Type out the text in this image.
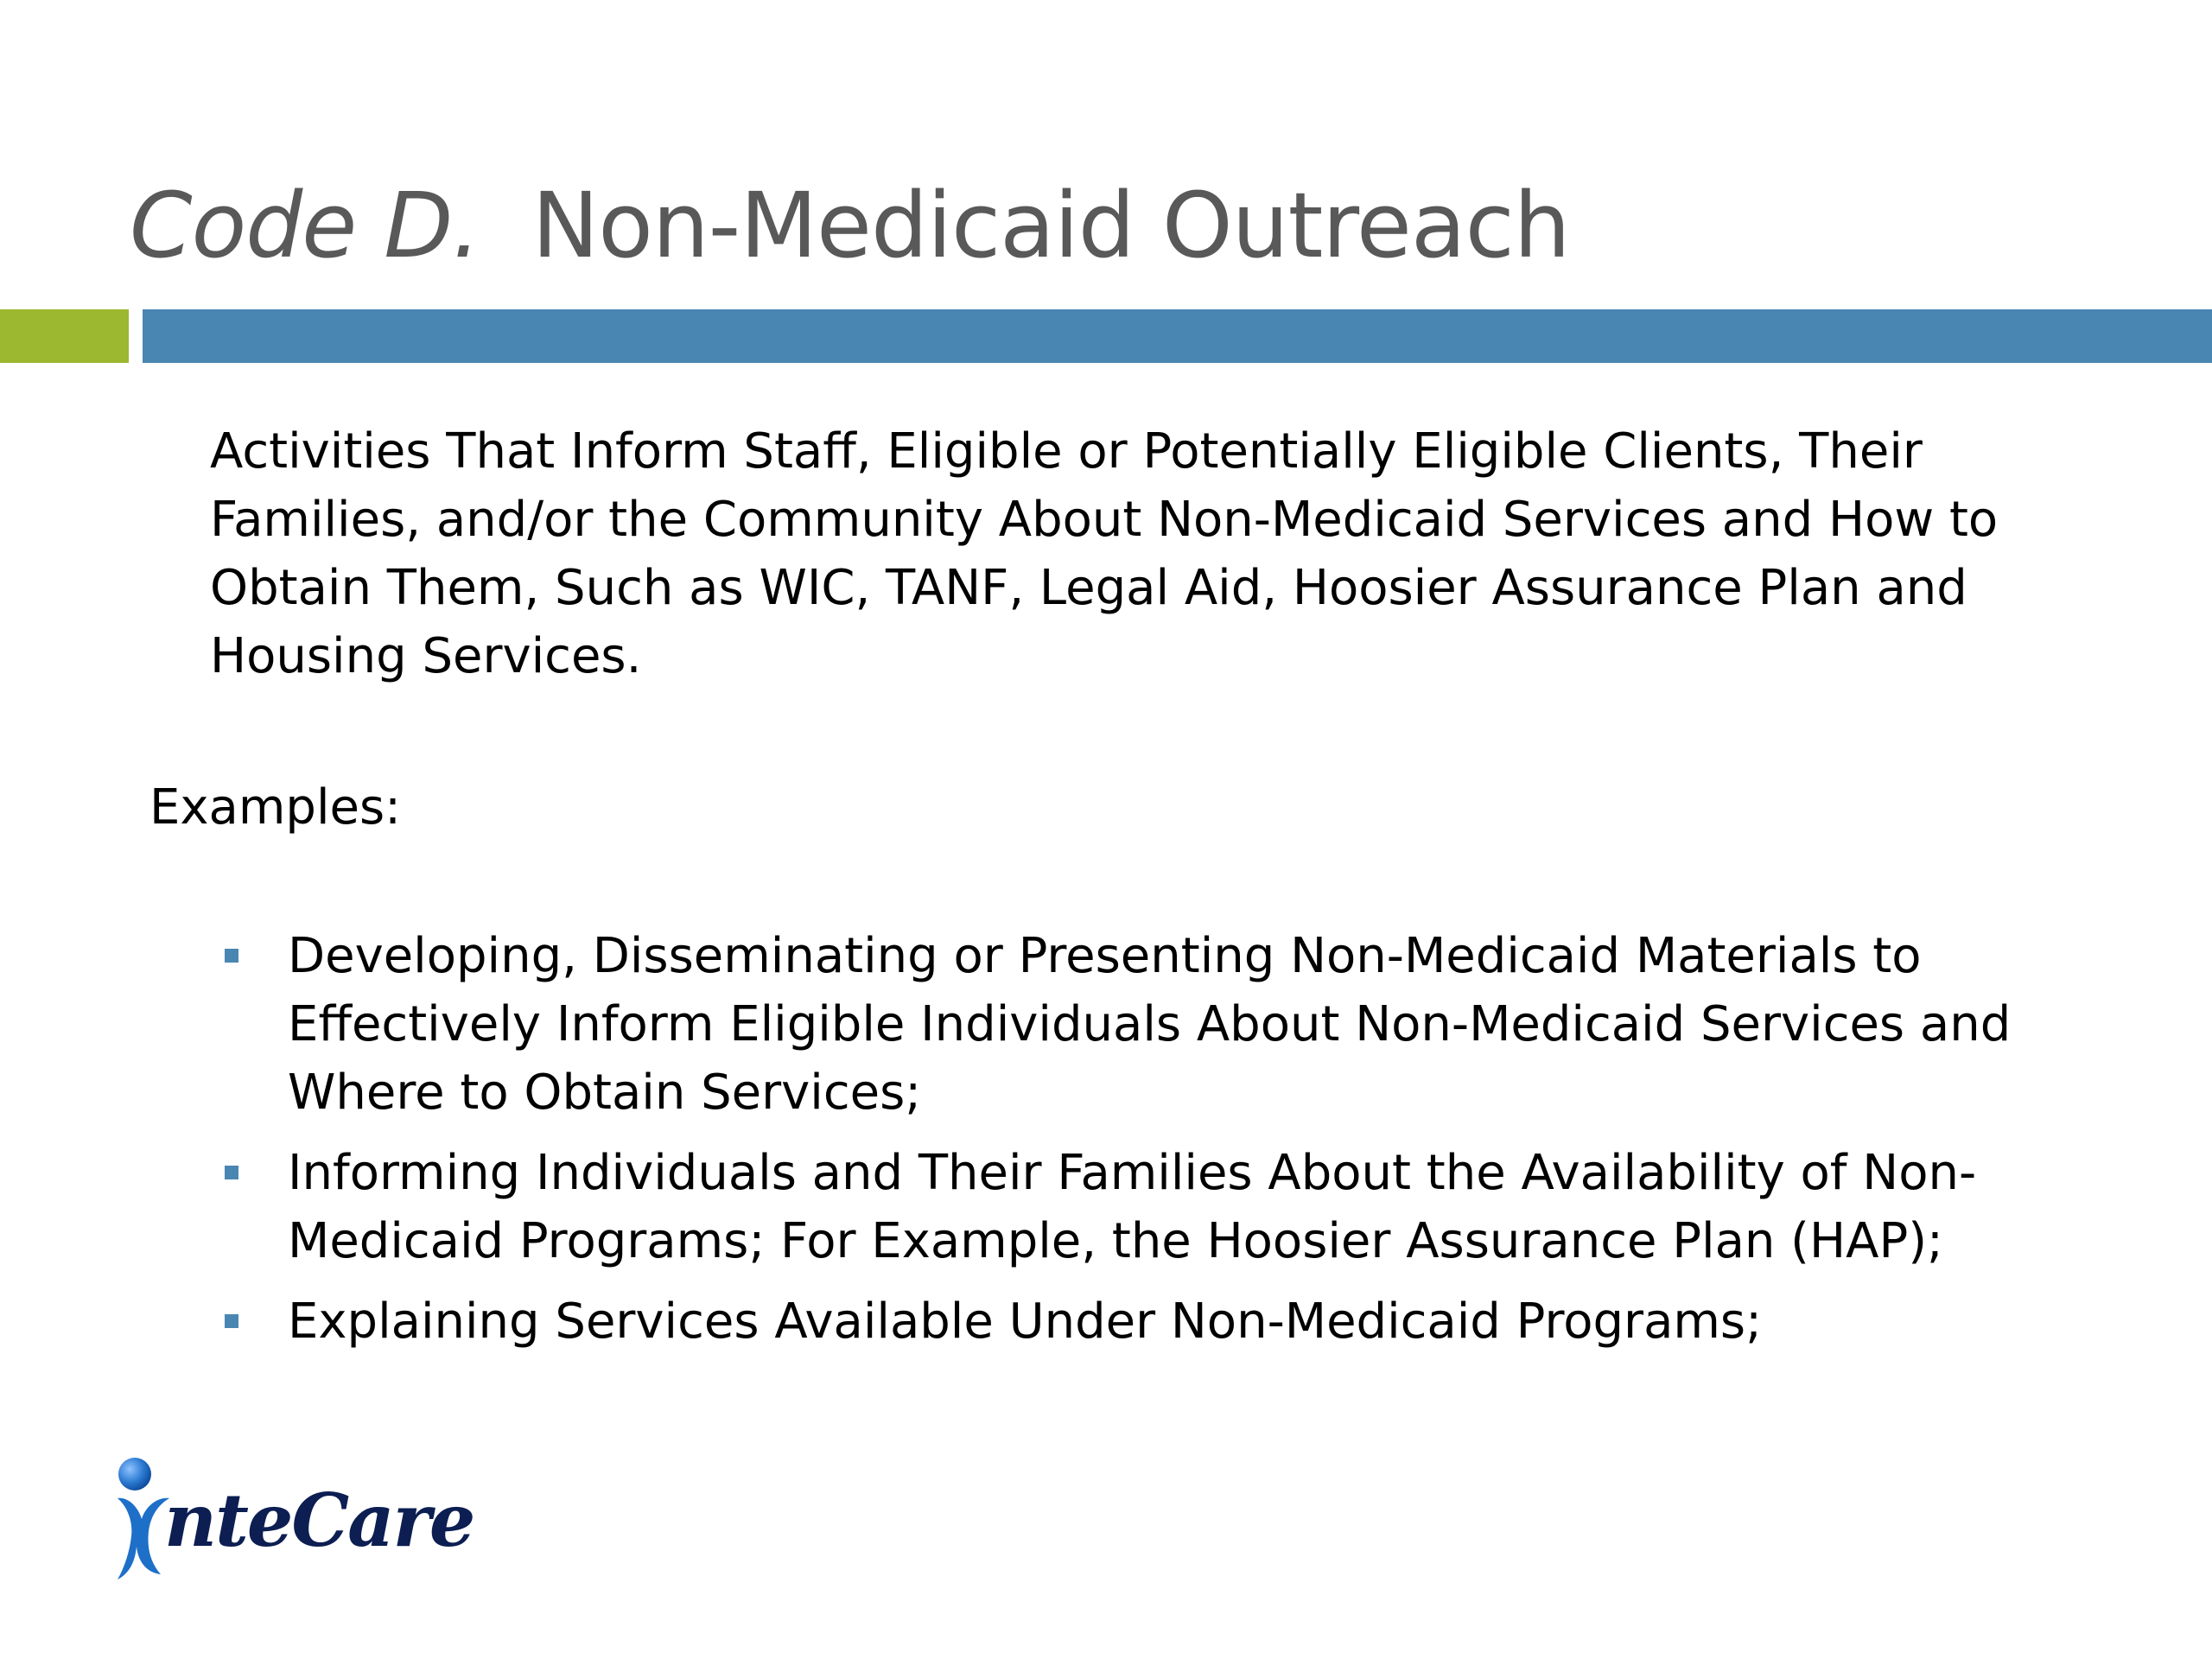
Code D. Non-Medicaid Outreach

Activities That Inform Staff, Eligible or Potentially Eligible Clients, Their Families, and/or the Community About Non-Medicaid Services and How to Obtain Them, Such as WIC, TANF, Legal Aid, Hoosier Assurance Plan and Housing Services.

Examples:

Developing, Disseminating or Presenting Non-Medicaid Materials to Effectively Inform Eligible Individuals About Non-Medicaid Services and Where to Obtain Services;
Informing Individuals and Their Families About the Availability of Non-Medicaid Programs; For Example, the Hoosier Assurance Plan (HAP);
Explaining Services Available Under Non-Medicaid Programs;
nteCare
